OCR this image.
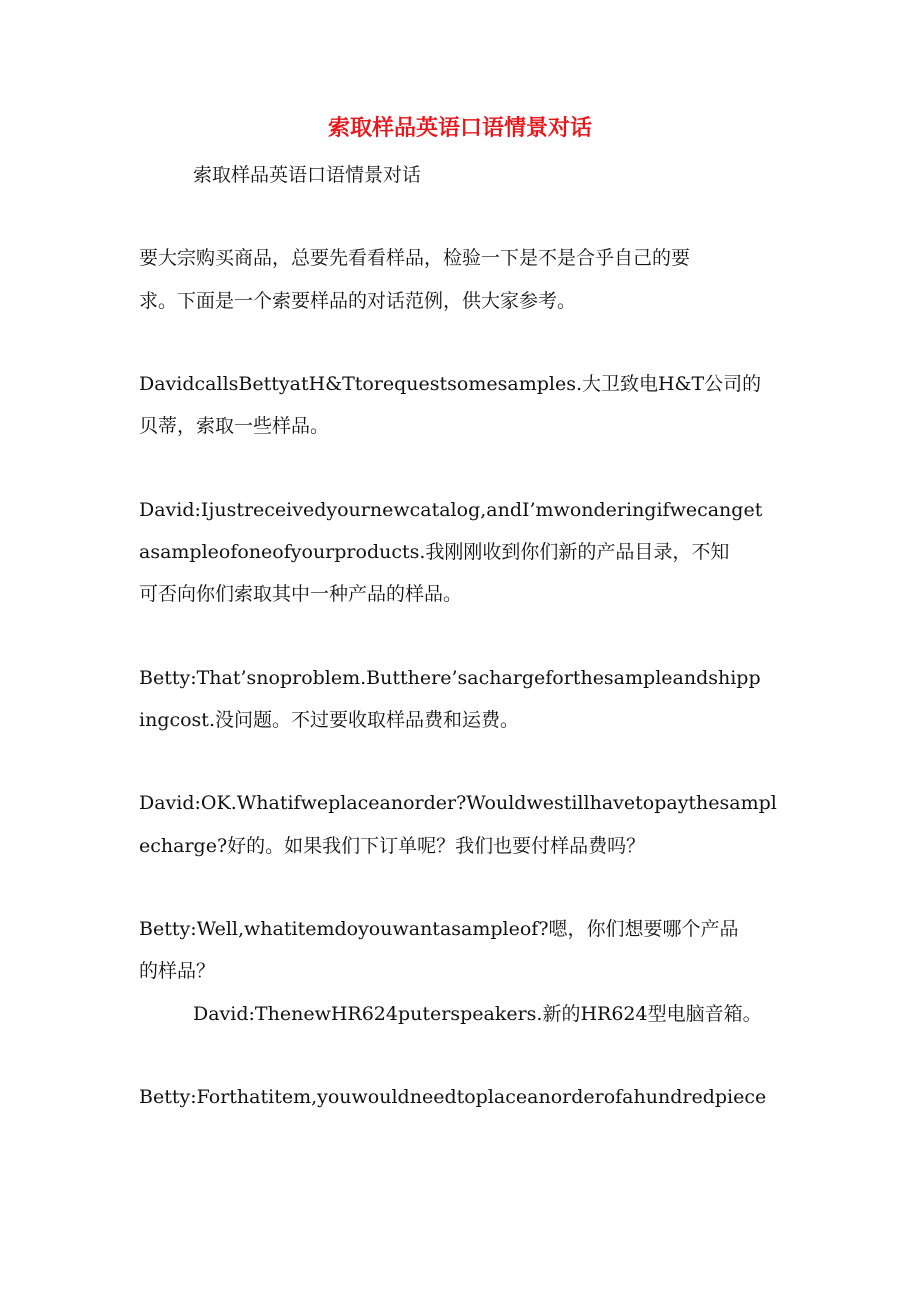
索取样品英语口语情景对话

索取样品英语口语情景对话

要大宗购买商品，总要先看看样品，检验一下是不是合乎自己的要

求。下面是一个索要样品的对话范例，供大家参考。

DavidcallsBettyatH&Ttorequestsomesamples.大卫致电H&T公司的

贝蒂，索取一些样品。

David:Ijustreceivedyournewcatalog,andI’mwonderingifwecanget

asampleofoneofyourproducts.我刚刚收到你们新的产品目录，不知

可否向你们索取其中一种产品的样品。

Betty:That’snoproblem.Butthere’sachargeforthesampleandshipp

ingcost.没问题。不过要收取样品费和运费。

David:OK.Whatifweplaceanorder?Wouldwestillhavetopaythesampl

echarge?好的。如果我们下订单呢？我们也要付样品费吗？

Betty:Well,whatitemdoyouwantasampleof?嗯，你们想要哪个产品

的样品？

David:ThenewHR624puterspeakers.新的HR624型电脑音箱。

Betty:Forthatitem,youwouldneedtoplaceanorderofahundredpiece
